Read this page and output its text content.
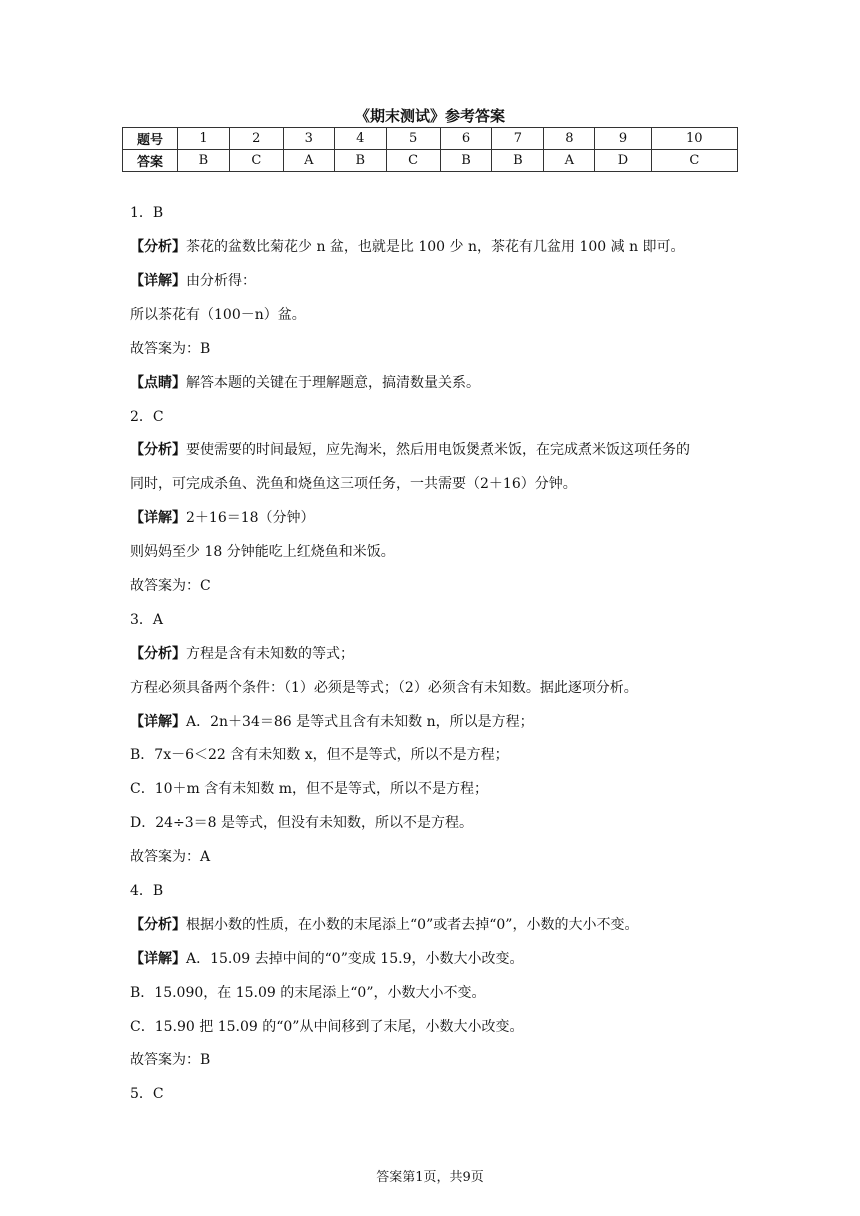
《期末测试》参考答案
题号	1	2	3	4	5	6	7	8	9	10
答案	B	C	A	B	C	B	B	A	D	C
1．B
【分析】茶花的盆数比菊花少 n 盆，也就是比 100 少 n，茶花有几盆用 100 减 n 即可。
【详解】由分析得：
所以茶花有（100－n）盆。
故答案为：B
【点睛】解答本题的关键在于理解题意，搞清数量关系。
2．C
【分析】要使需要的时间最短，应先淘米，然后用电饭煲煮米饭，在完成煮米饭这项任务的
同时，可完成杀鱼、洗鱼和烧鱼这三项任务，一共需要（2＋16）分钟。
【详解】2＋16＝18（分钟）
则妈妈至少 18 分钟能吃上红烧鱼和米饭。
故答案为：C
3．A
【分析】方程是含有未知数的等式；
方程必须具备两个条件：（1）必须是等式；（2）必须含有未知数。据此逐项分析。
【详解】A．2n＋34＝86 是等式且含有未知数 n，所以是方程；
B．7x－6＜22 含有未知数 x，但不是等式，所以不是方程；
C．10＋m 含有未知数 m，但不是等式，所以不是方程；
D．24÷3＝8 是等式，但没有未知数，所以不是方程。
故答案为：A
4．B
【分析】根据小数的性质，在小数的末尾添上“0”或者去掉“0”，小数的大小不变。
【详解】A．15.09 去掉中间的“0”变成 15.9，小数大小改变。
B．15.090，在 15.09 的末尾添上“0”，小数大小不变。
C．15.90 把 15.09 的“0”从中间移到了末尾，小数大小改变。
故答案为：B
5．C
答案第1页，共9页
